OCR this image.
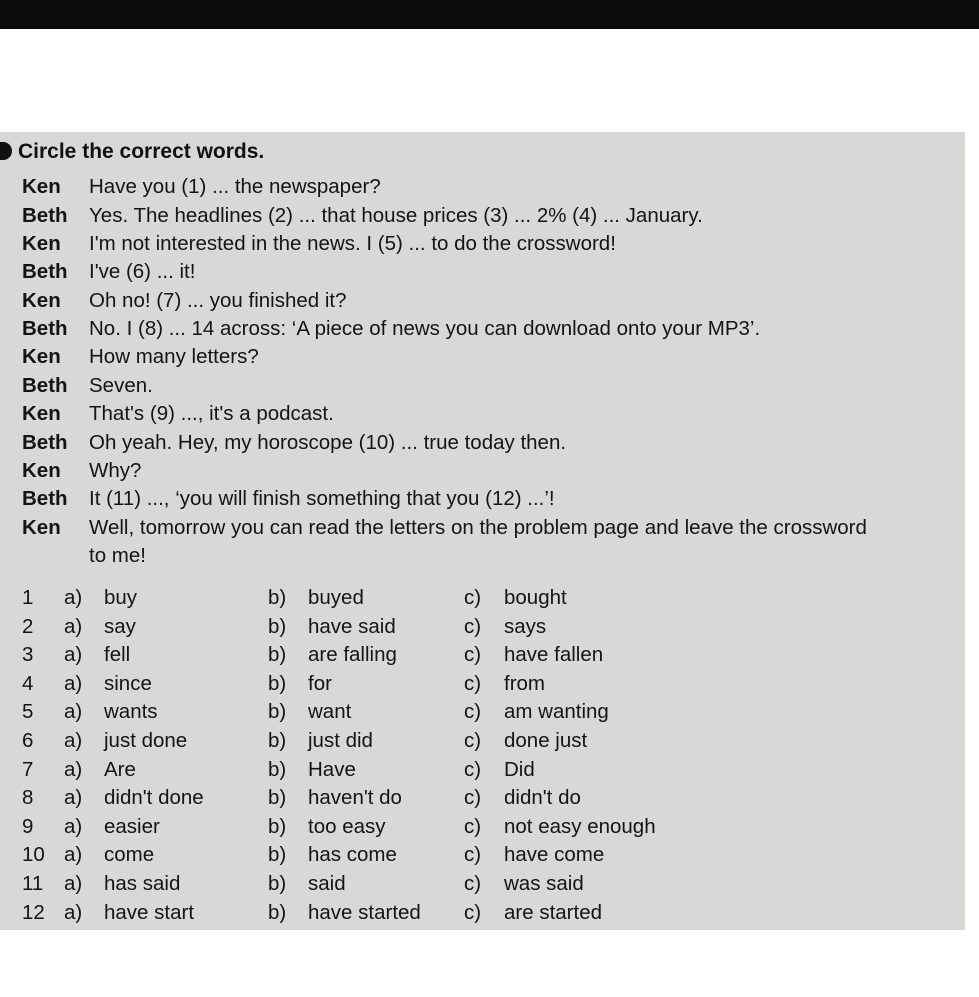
Circle the correct words.
Ken Have you (1) ... the newspaper?
Beth Yes. The headlines (2) ... that house prices (3) ... 2% (4) ... January.
Ken I'm not interested in the news. I (5) ... to do the crossword!
Beth I've (6) ... it!
Ken Oh no! (7) ... you finished it?
Beth No. I (8) ... 14 across: ‘A piece of news you can download onto your MP3’.
Ken How many letters?
Beth Seven.
Ken That's (9) ..., it's a podcast.
Beth Oh yeah. Hey, my horoscope (10) ... true today then.
Ken Why?
Beth It (11) ..., ‘you will finish something that you (12) ...’!
Ken Well, tomorrow you can read the letters on the problem page and leave the crossword
to me!
1	a) buy	b) buyed	c) bought
2	a) say	b) have said	c) says
3	a) fell	b) are falling	c) have fallen
4	a) since	b) for	c) from
5	a) wants	b) want	c) am wanting
6	a) just done	b) just did	c) done just
7	a) Are	b) Have	c) Did
8	a) didn't done	b) haven't do	c) didn't do
9	a) easier	b) too easy	c) not easy enough
10 a) come	b) has come	c) have come
11	a) has said	b) said	c) was said
12 a) have start	b) have started c) are started
